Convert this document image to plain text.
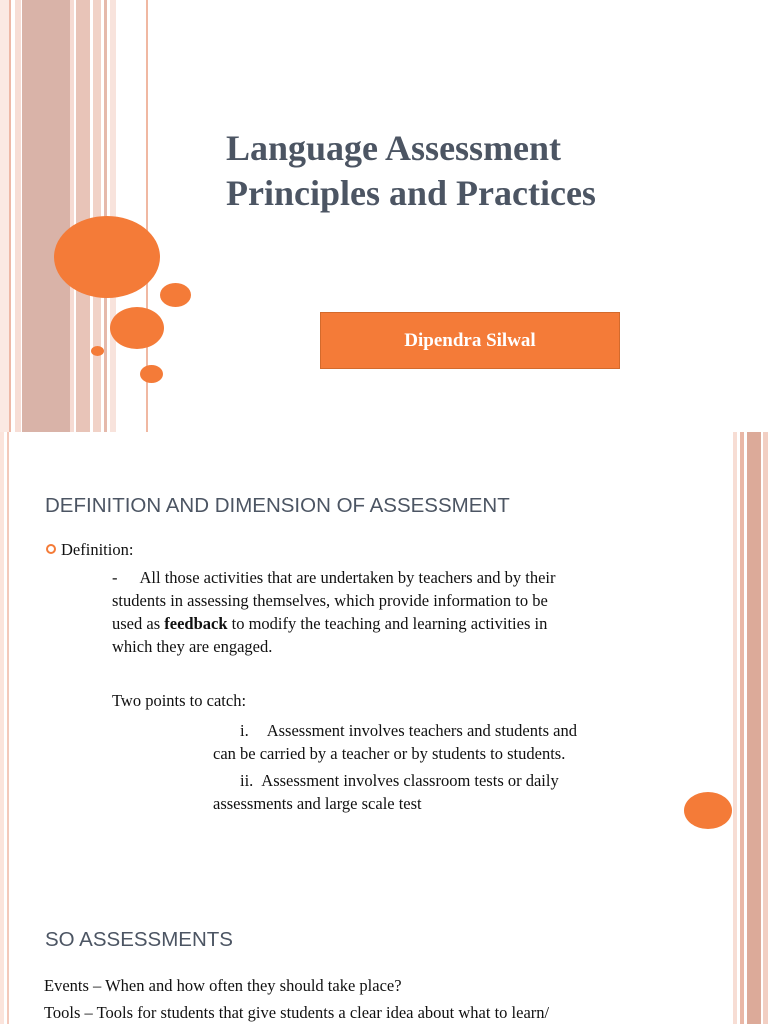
Language Assessment
Principles and Practices
Dipendra Silwal
DEFINITION AND DIMENSION OF ASSESSMENT
Definition:
- All those activities that are undertaken by teachers and by their
students in assessing themselves, which provide information to be
used as feedback to modify the teaching and learning activities in
which they are engaged.
Two points to catch:
i. Assessment involves teachers and students and
can be carried by a teacher or by students to students.
ii. Assessment involves classroom tests or daily
assessments and large scale test
SO ASSESSMENTS
Events – When and how often they should take place?
Tools – Tools for students that give students a clear idea about what to learn/
